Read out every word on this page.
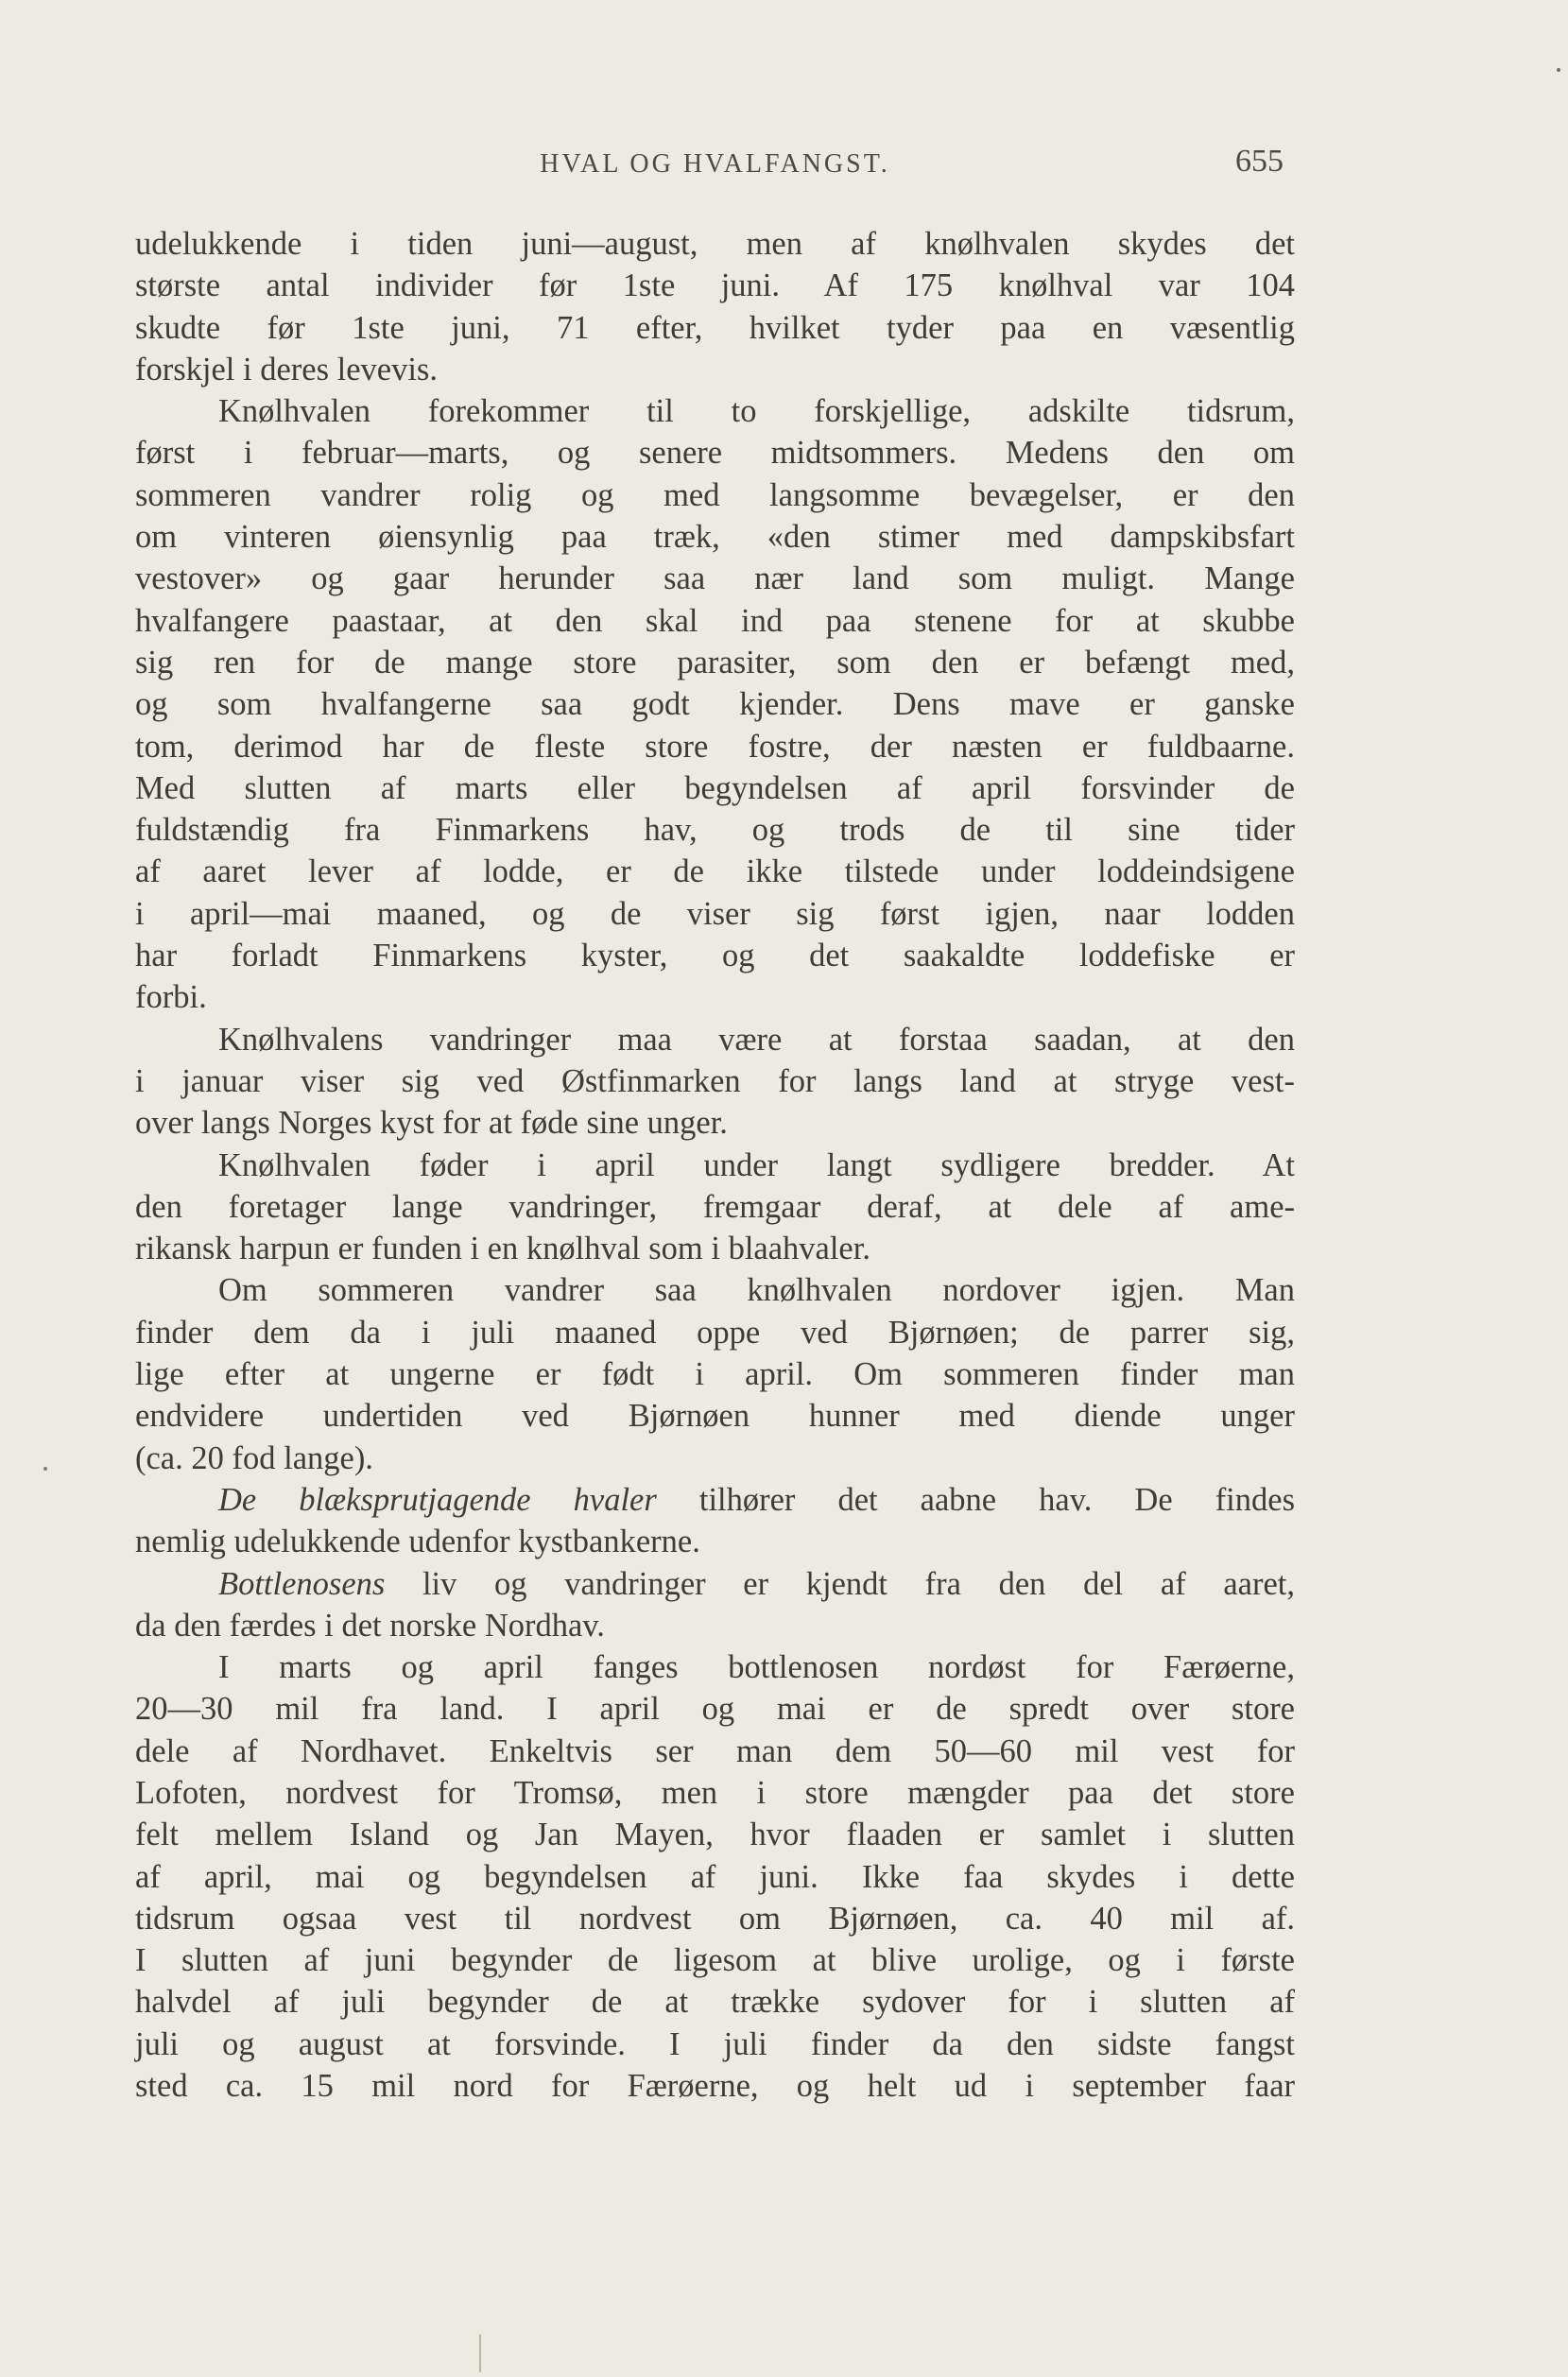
HVAL OG HVALFANGST.	655
udelukkende i tiden juni—august, men af knølhvalen skydes det
største antal individer før 1ste juni. Af 175 knølhval var 104
skudte før 1ste juni, 71 efter, hvilket tyder paa en væsentlig
forskjel i deres levevis.
Knølhvalen forekommer til to forskjellige, adskilte tidsrum,
først i februar—marts, og senere midtsommers. Medens den om
sommeren vandrer rolig og med langsomme bevægelser, er den
om vinteren øiensynlig paa træk, «den stimer med dampskibsfart
vestover» og gaar herunder saa nær land som muligt. Mange
hvalfangere paastaar, at den skal ind paa stenene for at skubbe
sig ren for de mange store parasiter, som den er befængt med,
og som hvalfangerne saa godt kjender. Dens mave er ganske
tom, derimod har de fleste store fostre, der næsten er fuldbaarne.
Med slutten af marts eller begyndelsen af april forsvinder de
fuldstændig fra Finmarkens hav, og trods de til sine tider
af aaret lever af lodde, er de ikke tilstede under loddeindsigene
i april—mai maaned, og de viser sig først igjen, naar lodden
har forladt Finmarkens kyster, og det saakaldte loddefiske er
forbi.
Knølhvalens vandringer maa være at forstaa saadan, at den
i januar viser sig ved Østfinmarken for langs land at stryge vest-
over langs Norges kyst for at føde sine unger.
Knølhvalen føder i april under langt sydligere bredder. At
den foretager lange vandringer, fremgaar deraf, at dele af ame-
rikansk harpun er funden i en knølhval som i blaahvaler.
Om sommeren vandrer saa knølhvalen nordover igjen. Man
finder dem da i juli maaned oppe ved Bjørnøen; de parrer sig,
lige efter at ungerne er født i april. Om sommeren finder man
endvidere undertiden ved Bjørnøen hunner med diende unger
(ca. 20 fod lange).
De blæksprutjagende hvaler tilhører det aabne hav. De findes
nemlig udelukkende udenfor kystbankerne.
Bottlenosens liv og vandringer er kjendt fra den del af aaret,
da den færdes i det norske Nordhav.
I marts og april fanges bottlenosen nordøst for Færøerne,
20—30 mil fra land. I april og mai er de spredt over store
dele af Nordhavet. Enkeltvis ser man dem 50—60 mil vest for
Lofoten, nordvest for Tromsø, men i store mængder paa det store
felt mellem Island og Jan Mayen, hvor flaaden er samlet i slutten
af april, mai og begyndelsen af juni. Ikke faa skydes i dette
tidsrum ogsaa vest til nordvest om Bjørnøen, ca. 40 mil af.
I slutten af juni begynder de ligesom at blive urolige, og i første
halvdel af juli begynder de at trække sydover for i slutten af
juli og august at forsvinde. I juli finder da den sidste fangst
sted ca. 15 mil nord for Færøerne, og helt ud i september faar
